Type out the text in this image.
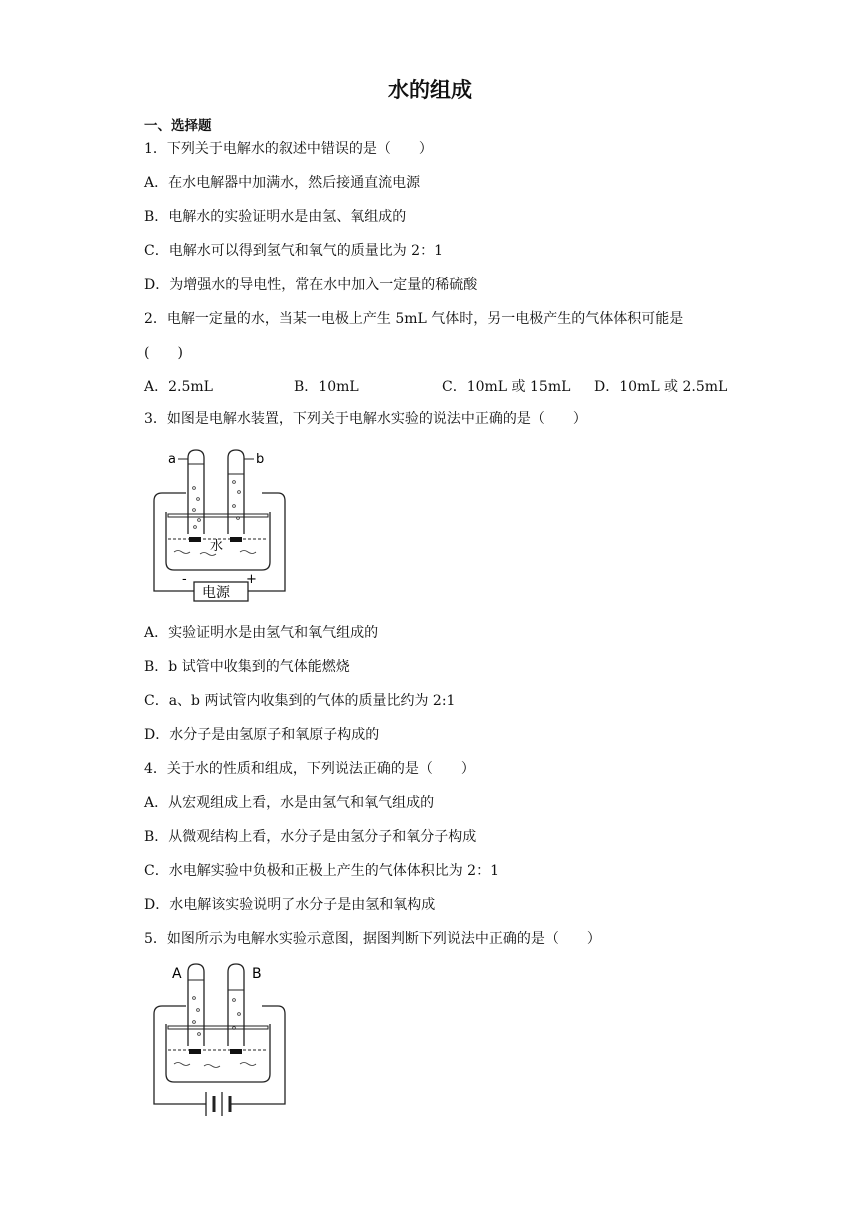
水的组成
一、选择题
1．下列关于电解水的叙述中错误的是（　　）
A．在水电解器中加满水，然后接通直流电源
B．电解水的实验证明水是由氢、氧组成的
C．电解水可以得到氢气和氧气的质量比为 2：1
D．为增强水的导电性，常在水中加入一定量的稀硫酸
2．电解一定量的水，当某一电极上产生 5mL 气体时，另一电极产生的气体体积可能是
(　　)
A．2.5mL	B．10mL	C．10mL 或 15mL D．10mL 或 2.5mL
3．如图是电解水装置，下列关于电解水实验的说法中正确的是（　　）
a	b
水
电源
-	+
A．实验证明水是由氢气和氧气组成的
B．b 试管中收集到的气体能燃烧
C．a、b 两试管内收集到的气体的质量比约为 2:1
D．水分子是由氢原子和氧原子构成的
4．关于水的性质和组成，下列说法正确的是（　　）
A．从宏观组成上看，水是由氢气和氧气组成的
B．从微观结构上看，水分子是由氢分子和氧分子构成
C．水电解实验中负极和正极上产生的气体体积比为 2：1
D．水电解该实验说明了水分子是由氢和氧构成
5．如图所示为电解水实验示意图，据图判断下列说法中正确的是（　　）
A	B
